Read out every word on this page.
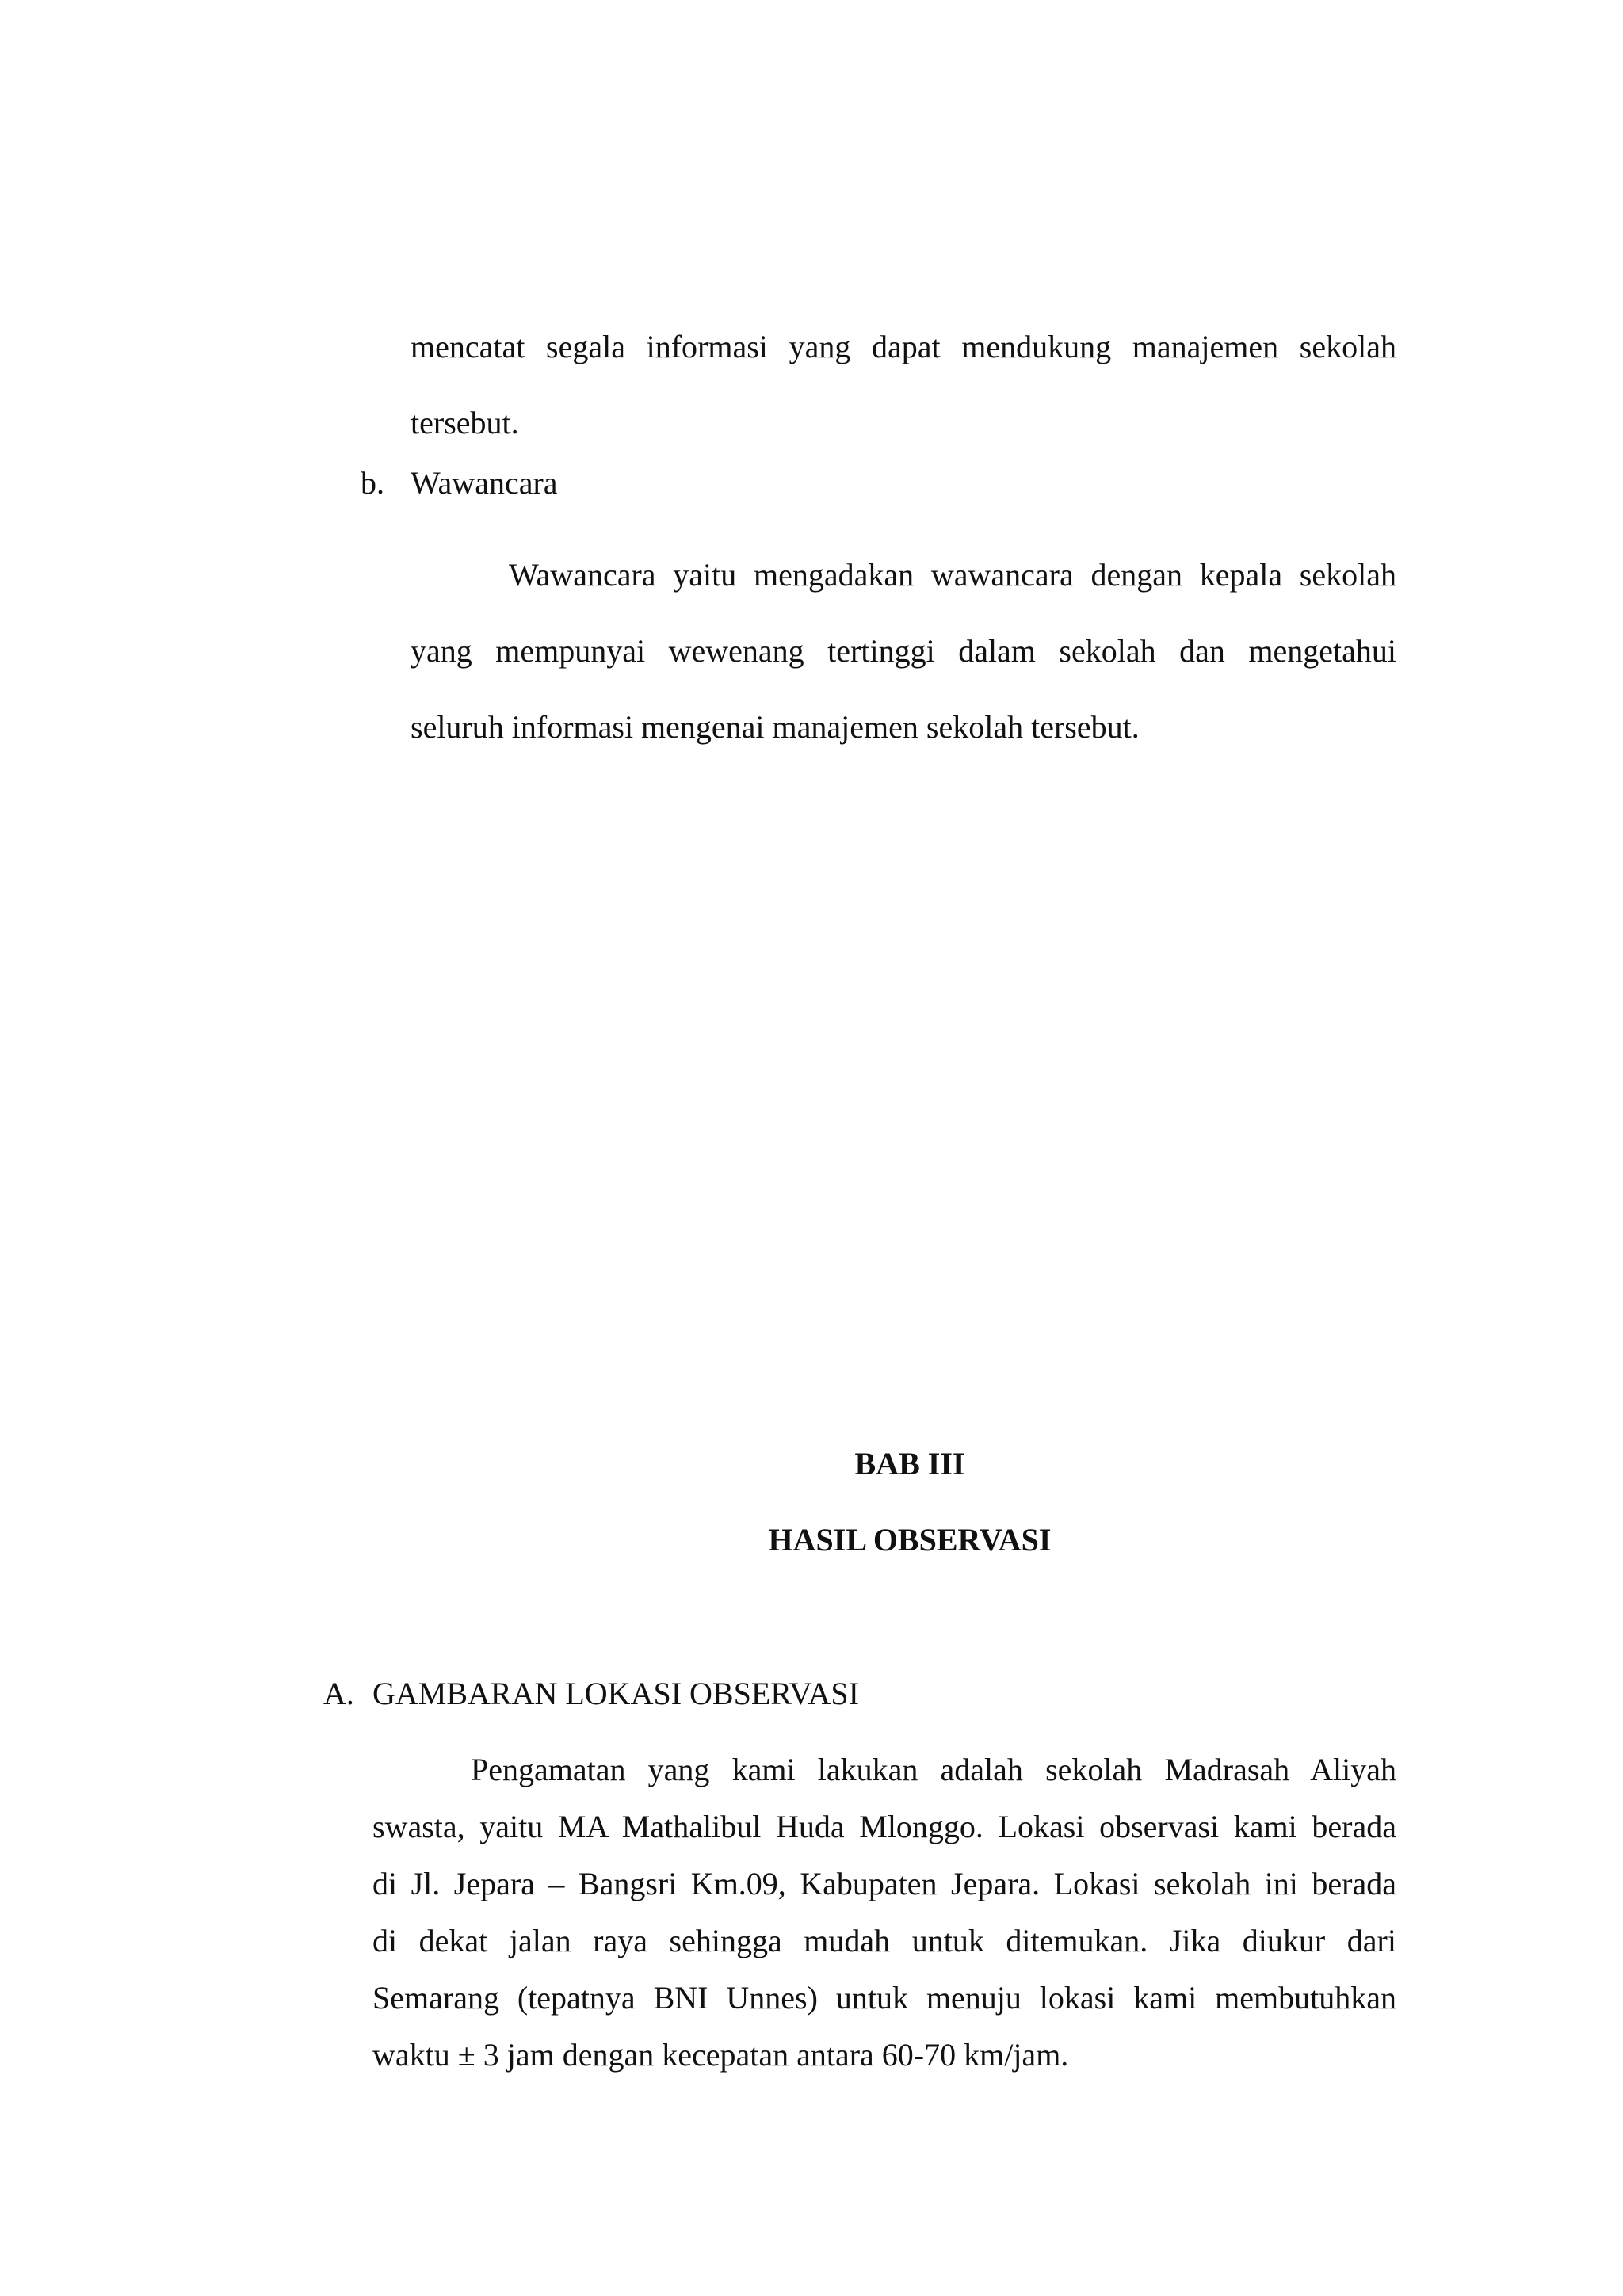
mencatat segala informasi yang dapat mendukung manajemen sekolah
tersebut.
b. Wawancara
Wawancara yaitu mengadakan wawancara dengan kepala sekolah
yang mempunyai wewenang tertinggi dalam sekolah dan mengetahui
seluruh informasi mengenai manajemen sekolah tersebut.
BAB III
HASIL OBSERVASI
A. GAMBARAN LOKASI OBSERVASI
Pengamatan yang kami lakukan adalah sekolah Madrasah Aliyah
swasta, yaitu MA Mathalibul Huda Mlonggo. Lokasi observasi kami berada
di Jl. Jepara – Bangsri Km.09, Kabupaten Jepara. Lokasi sekolah ini berada
di dekat jalan raya sehingga mudah untuk ditemukan. Jika diukur dari
Semarang (tepatnya BNI Unnes) untuk menuju lokasi kami membutuhkan
waktu ± 3 jam dengan kecepatan antara 60-70 km/jam.
